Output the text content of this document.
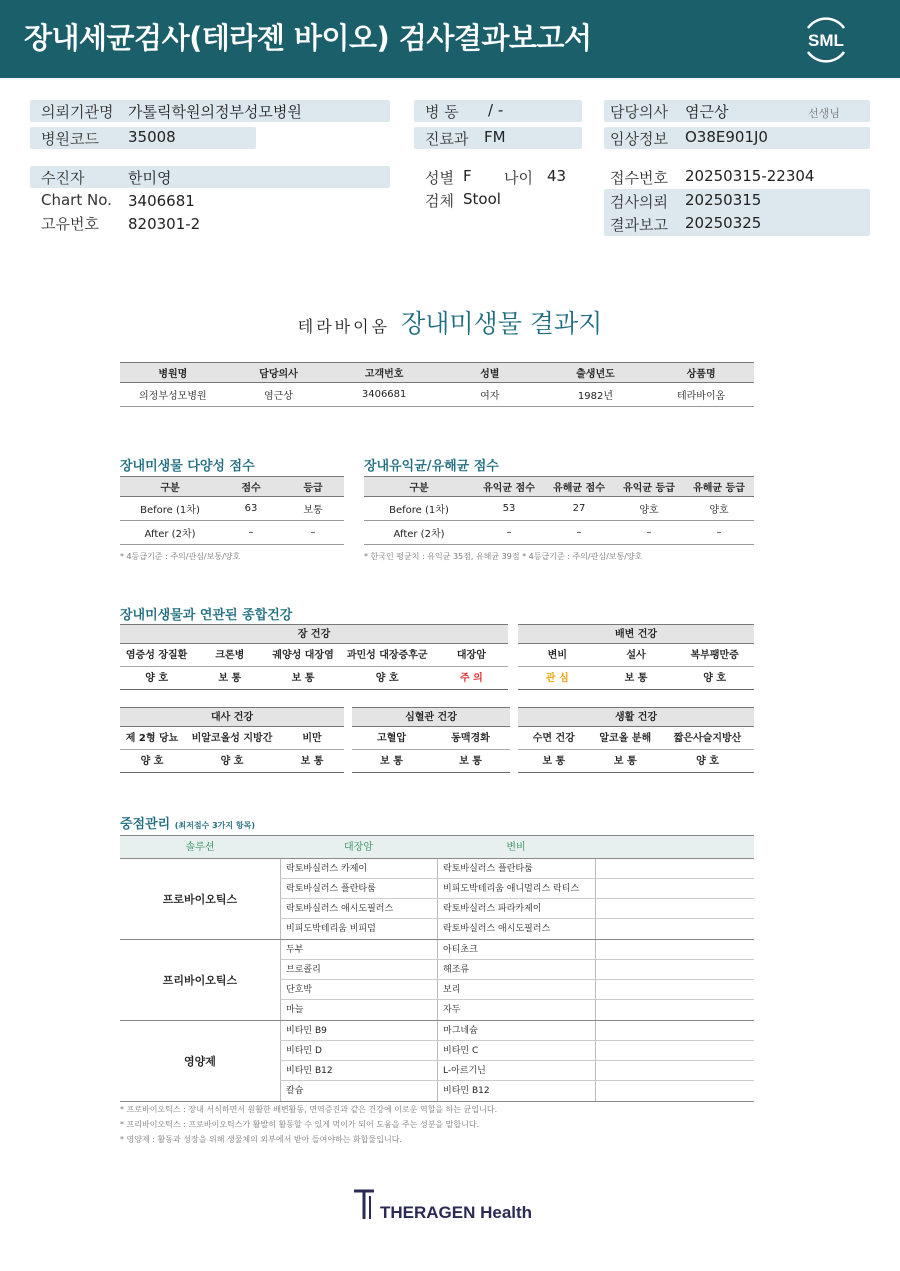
장내세균검사(테라젠 바이오) 검사결과보고서	SML
의뢰기관명 가톨릭학원의정부성모병원
병원코드 35008
병 동 / -
진료과 FM
담당의사 염근상	선생님
임상정보 O38E901J0
수진자	한미영
Chart No. 3406681
고유번호 820301-2
성별 F 나이 43
검체 Stool
접수번호 20250315-22304
검사의뢰 20250315
결과보고 20250325
테라바이옴 장내미생물 결과지
병원명	담당의사	고객번호	성별	출생년도	상품명
의정부성모병원	염근상	3406681	여자	1982년	테라바이옴
장내미생물 다양성 점수
구분	점수	등급
Before (1차)	63	보통
After (2차)	–	–
* 4등급기준 : 주의/관심/보통/양호
장내유익균/유해균 점수
구분	유익균 점수	유해균 점수	유익균 등급	유해균 등급
Before (1차)	53	27	양호	양호
After (2차)	–	–	–	–
* 한국인 평균치 : 유익균 35점, 유해균 39점 * 4등급기준 : 주의/관심/보통/양호
장내미생물과 연관된 종합건강
장 건강
염증성 장질환	크론병	궤양성 대장염	과민성 대장증후군	대장암
양 호	보 통	보 통	양 호	주 의
배변 건강
변비	설사	복부팽만증
관 심	보 통	양 호
대사 건강
제 2형 당뇨	비알코올성 지방간	비만
양 호	양 호	보 통
심혈관 건강
고혈압	동맥경화
보 통	보 통
생활 건강
수면 건강	알코올 분해	짧은사슬지방산
보 통	보 통	양 호
중점관리 (최저점수 3가지 항목)
솔루션	대장암	변비
프로바이오틱스
락토바실러스 카제이	락토바실러스 플란타룸
락토바실러스 플란타룸	비피도박테리움 애니멀리스 락티스
락토바실러스 애시도필러스	락토바실러스 파라카제이
비피도박테리움 비피덤	락토바실러스 애시도필러스
프리바이오틱스
두부	아티초크
브로콜리	해조류
단호박	보리
마늘	자두
영양제
비타민 B9	마그네슘
비타민 D	비타민 C
비타민 B12	L-아르기닌
칼슘	비타민 B12
* 프로바이오틱스 : 장내 서식하면서 원활한 배변활동, 면역증진과 같은 건강에 이로운 역할을 하는 균입니다.
* 프리바이오틱스 : 프로바이오틱스가 활발히 활동할 수 있게 먹이가 되어 도움을 주는 성분을 말합니다.
* 영양제 : 활동과 성장을 위해 생물체의 외부에서 받아 들여야하는 화합물입니다.
THERAGEN Health
